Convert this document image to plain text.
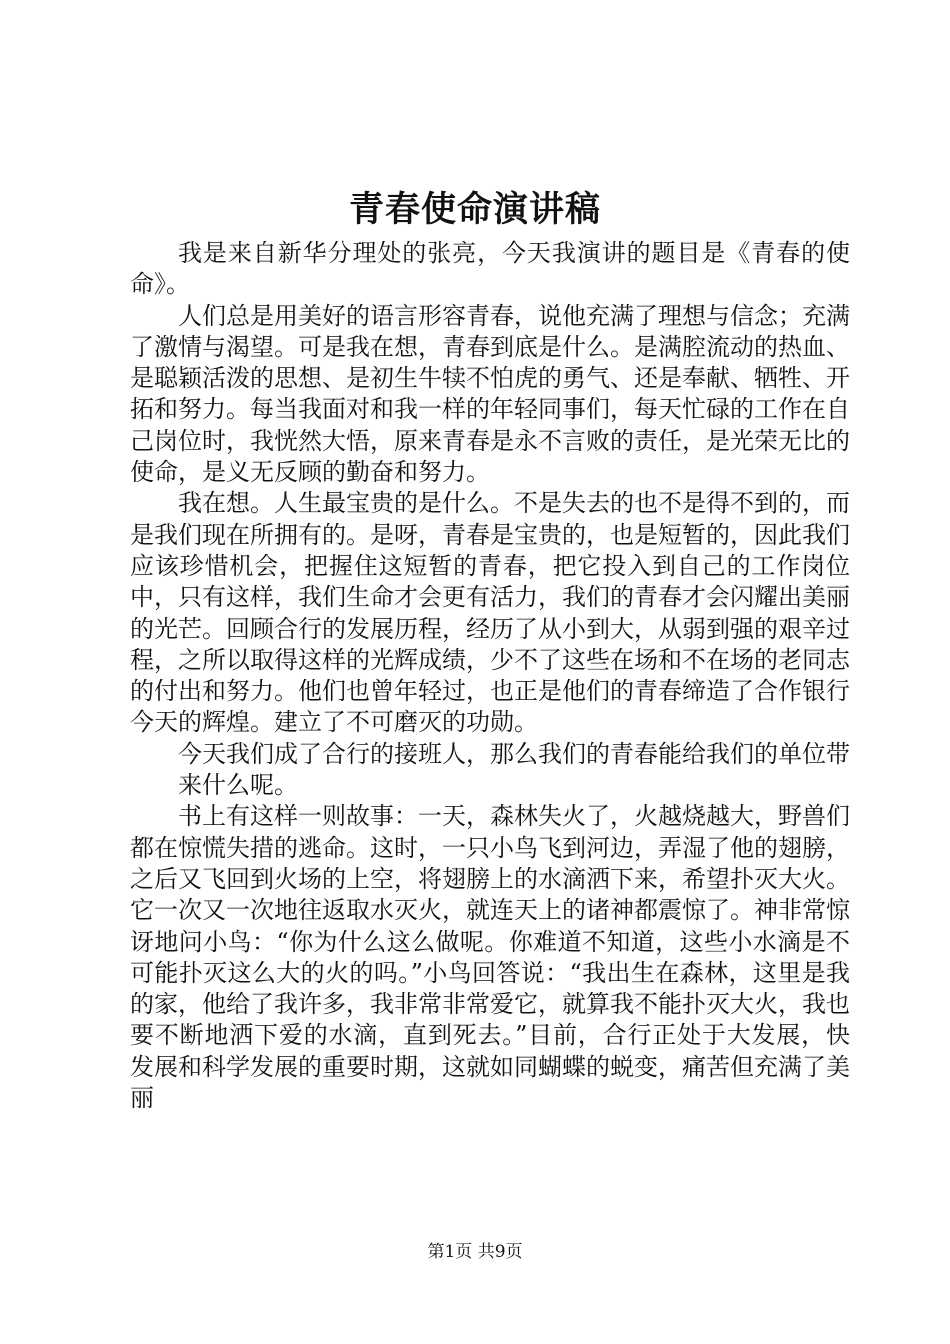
青春使命演讲稿

我是来自新华分理处的张亮，今天我演讲的题目是《青春的使命》。

人们总是用美好的语言形容青春，说他充满了理想与信念；充满了激情与渴望。可是我在想，青春到底是什么。是满腔流动的热血、是聪颖活泼的思想、是初生牛犊不怕虎的勇气、还是奉献、牺牲、开拓和努力。每当我面对和我一样的年轻同事们，每天忙碌的工作在自己岗位时，我恍然大悟，原来青春是永不言败的责任，是光荣无比的使命，是义无反顾的勤奋和努力。

我在想。人生最宝贵的是什么。不是失去的也不是得不到的，而是我们现在所拥有的。是呀，青春是宝贵的，也是短暂的，因此我们应该珍惜机会，把握住这短暂的青春，把它投入到自己的工作岗位中，只有这样，我们生命才会更有活力，我们的青春才会闪耀出美丽的光芒。回顾合行的发展历程，经历了从小到大，从弱到强的艰辛过程，之所以取得这样的光辉成绩，少不了这些在场和不在场的老同志的付出和努力。他们也曾年轻过，也正是他们的青春缔造了合作银行今天的辉煌。建立了不可磨灭的功勋。

今天我们成了合行的接班人，那么我们的青春能给我们的单位带

来什么呢。

书上有这样一则故事：一天，森林失火了，火越烧越大，野兽们都在惊慌失措的逃命。这时，一只小鸟飞到河边，弄湿了他的翅膀，之后又飞回到火场的上空，将翅膀上的水滴洒下来，希望扑灭大火。它一次又一次地往返取水灭火，就连天上的诸神都震惊了。神非常惊讶地问小鸟：“你为什么这么做呢。你难道不知道，这些小水滴是不可能扑灭这么大的火的吗。”小鸟回答说：“我出生在森林，这里是我的家，他给了我许多，我非常非常爱它，就算我不能扑灭大火，我也要不断地洒下爱的水滴，直到死去。”目前，合行正处于大发展，快发展和科学发展的重要时期，这就如同蝴蝶的蜕变，痛苦但充满了美丽

第1页 共9页
